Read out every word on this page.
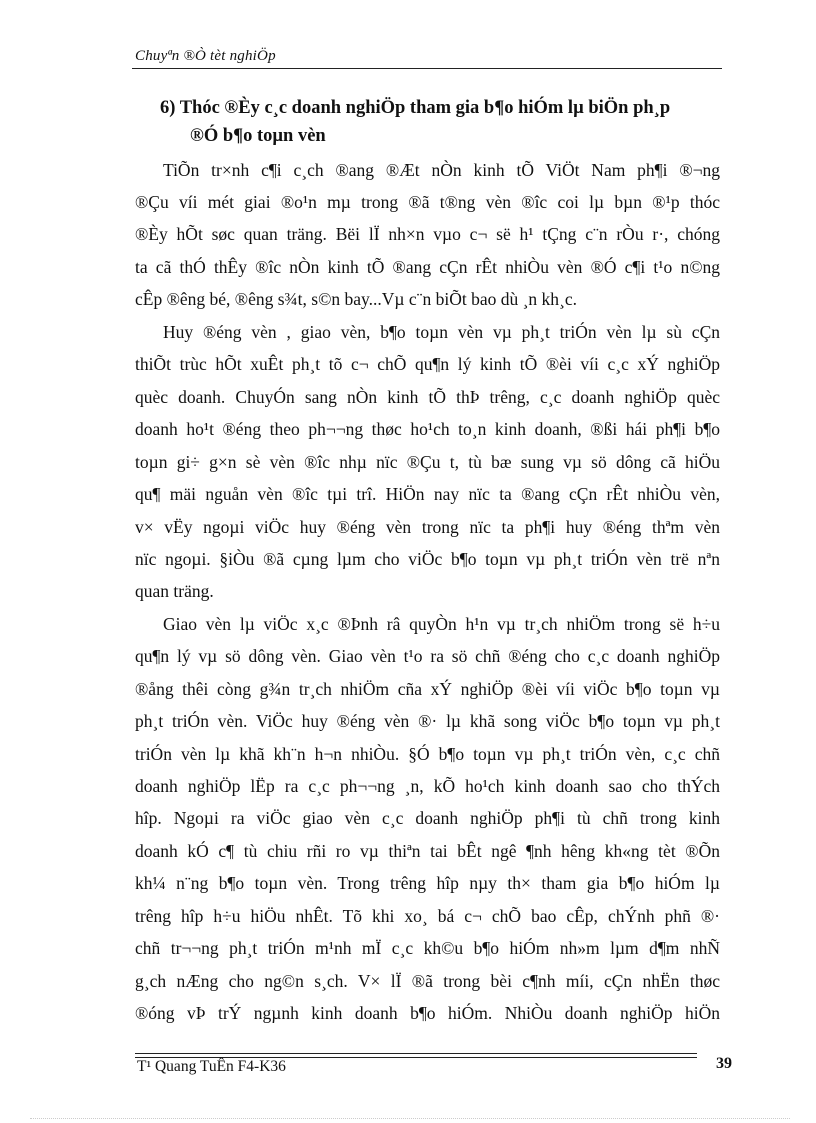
Chuyªn ®Ò tèt nghiÖp
6) Thóc ®Èy c¸c doanh nghiÖp tham gia b¶o hiÓm lµ biÖn ph¸p
®Ó b¶o toµn vèn
TiÕn tr×nh c¶i c¸ch ®ang ®Æt nÒn kinh tÕ ViÖt Nam ph¶i ®¬ng
®Çu víi mét giai ®o¹n mµ trong ®ã t®ng vèn ®îc coi lµ bµn ®¹p thóc
®Èy hÕt søc quan träng. Bëi lÏ nh×n vµo c¬ së h¹ tÇng c¨n rÒu r·, chóng
ta cã thÓ thÊy ®îc nÒn kinh tÕ ®ang cÇn rÊt nhiÒu vèn ®Ó c¶i t¹o n©ng
cÊp ®êng bé, ®êng s¾t, s©n bay...Vµ c¨n biÕt bao dù ¸n kh¸c.
Huy ®éng vèn , giao vèn, b¶o toµn vèn vµ ph¸t triÓn vèn lµ sù cÇn
thiÕt trùc hÕt xuÊt ph¸t tõ c¬ chÕ qu¶n lý kinh tÕ ®èi víi c¸c xÝ nghiÖp
quèc doanh. ChuyÓn sang nÒn kinh tÕ thÞ trêng, c¸c doanh nghiÖp quèc
doanh ho¹t ®éng theo ph¬¬ng thøc ho¹ch to¸n kinh doanh, ®ßi hái ph¶i b¶o
toµn gi÷ g×n sè vèn ®îc nhµ nïc ®Çu t, tù bæ sung vµ sö dông cã hiÖu
qu¶ mäi nguån vèn ®îc tµi trî. HiÖn nay nïc ta ®ang cÇn rÊt nhiÒu vèn,
v× vËy ngoµi viÖc huy ®éng vèn trong nïc ta ph¶i huy ®éng thªm vèn
nïc ngoµi. §iÒu ®ã cµng lµm cho viÖc b¶o toµn vµ ph¸t triÓn vèn trë nªn
quan träng.
Giao vèn lµ viÖc x¸c ®Þnh râ quyÒn h¹n vµ tr¸ch nhiÖm trong së h÷u
qu¶n lý vµ sö dông vèn. Giao vèn t¹o ra sö chñ ®éng cho c¸c doanh nghiÖp
®ång thêi còng g¾n tr¸ch nhiÖm cña xÝ nghiÖp ®èi víi viÖc b¶o toµn vµ
ph¸t triÓn vèn. ViÖc huy ®éng vèn ®· lµ khã song viÖc b¶o toµn vµ ph¸t
triÓn vèn lµ khã kh¨n h¬n nhiÒu. §Ó b¶o toµn vµ ph¸t triÓn vèn, c¸c chñ
doanh nghiÖp lËp ra c¸c ph¬¬ng ¸n, kÕ ho¹ch kinh doanh sao cho thÝch
hîp. Ngoµi ra viÖc giao vèn c¸c doanh nghiÖp ph¶i tù chñ trong kinh
doanh kÓ c¶ tù chiu rñi ro vµ thiªn tai bÊt ngê ¶nh hêng kh«ng tèt ®Õn
kh¼ n¨ng b¶o toµn vèn. Trong trêng hîp nµy th× tham gia b¶o hiÓm lµ
trêng hîp h÷u hiÖu nhÊt. Tõ khi xo¸ bá c¬ chÕ bao cÊp, chÝnh phñ ®·
chñ tr¬¬ng ph¸t triÓn m¹nh mÏ c¸c kh©u b¶o hiÓm nh»m lµm d¶m nhÑ
g¸ch nÆng cho ng©n s¸ch. V× lÏ ®ã trong bèi c¶nh míi, cÇn nhËn thøc
®óng vÞ trÝ ngµnh kinh doanh b¶o hiÓm. NhiÒu doanh nghiÖp hiÖn
T¹ Quang TuÊn F4-K36	39
